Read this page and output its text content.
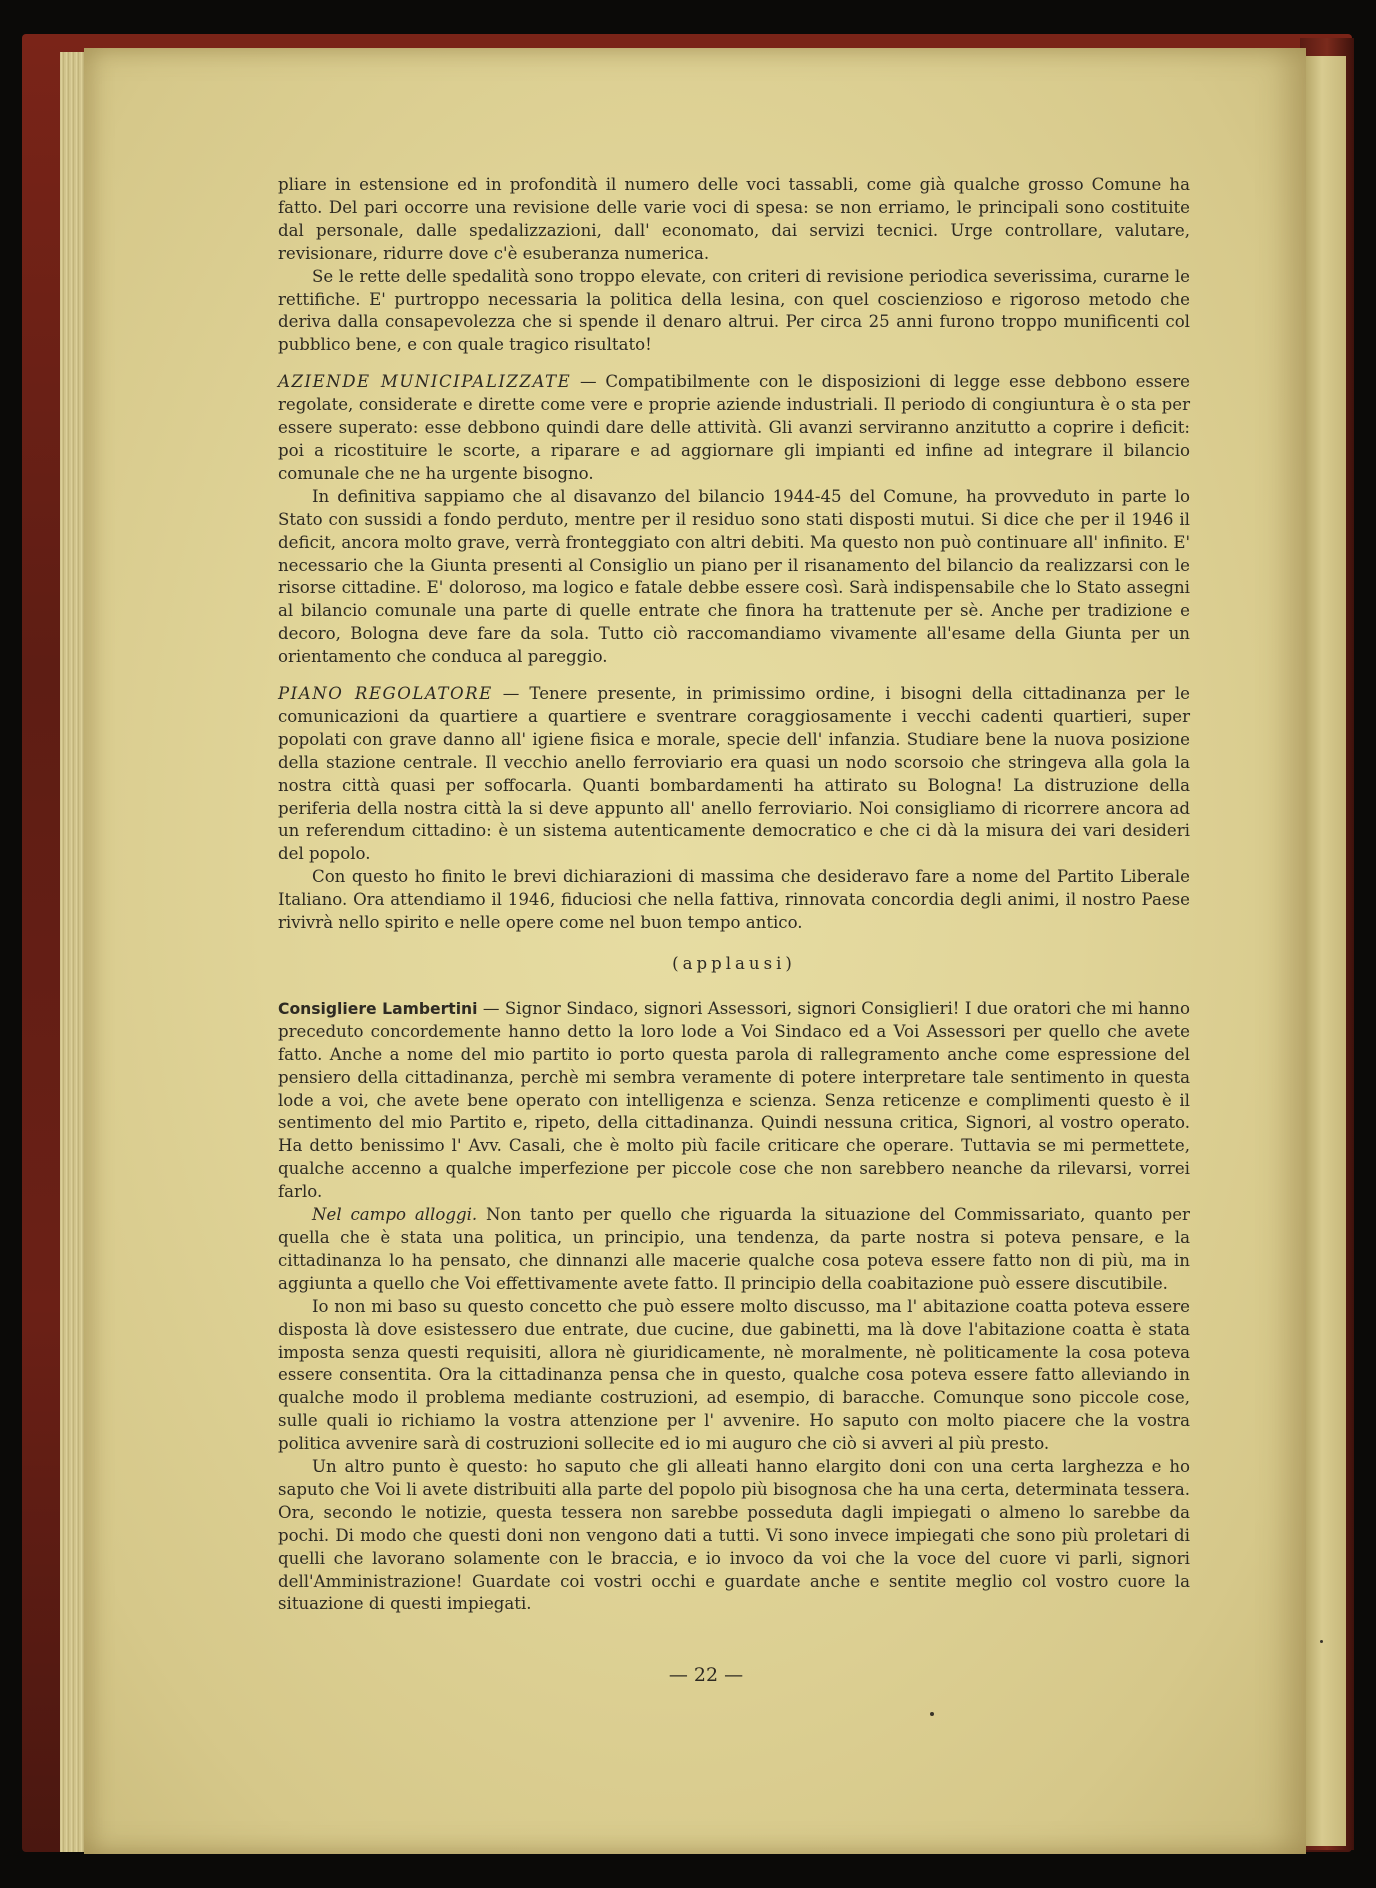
pliare in estensione ed in profondità il numero delle voci tassabli, come già qualche grosso Comune ha fatto. Del pari occorre una revisione delle varie voci di spesa: se non erriamo, le principali sono costituite dal personale, dalle spedalizzazioni, dall' economato, dai servizi tecnici. Urge controllare, valutare, revisionare, ridurre dove c'è esuberanza numerica.

Se le rette delle spedalità sono troppo elevate, con criteri di revisione periodica severissima, curarne le rettifiche. E' purtroppo necessaria la politica della lesina, con quel coscienzioso e rigoroso metodo che deriva dalla consapevolezza che si spende il denaro altrui. Per circa 25 anni furono troppo munificenti col pubblico bene, e con quale tragico risultato!

AZIENDE MUNICIPALIZZATE — Compatibilmente con le disposizioni di legge esse debbono essere regolate, considerate e dirette come vere e proprie aziende industriali. Il periodo di congiuntura è o sta per essere superato: esse debbono quindi dare delle attività. Gli avanzi serviranno anzitutto a coprire i deficit: poi a ricostituire le scorte, a riparare e ad aggiornare gli impianti ed infine ad integrare il bilancio comunale che ne ha urgente bisogno.

In definitiva sappiamo che al disavanzo del bilancio 1944-45 del Comune, ha provveduto in parte lo Stato con sussidi a fondo perduto, mentre per il residuo sono stati disposti mutui. Si dice che per il 1946 il deficit, ancora molto grave, verrà fronteggiato con altri debiti. Ma questo non può continuare all' infinito. E' necessario che la Giunta presenti al Consiglio un piano per il risanamento del bilancio da realizzarsi con le risorse cittadine. E' doloroso, ma logico e fatale debbe essere così. Sarà indispensabile che lo Stato assegni al bilancio comunale una parte di quelle entrate che finora ha trattenute per sè. Anche per tradizione e decoro, Bologna deve fare da sola. Tutto ciò raccomandiamo vivamente all'esame della Giunta per un orientamento che conduca al pareggio.

PIANO REGOLATORE — Tenere presente, in primissimo ordine, i bisogni della cittadinanza per le comunicazioni da quartiere a quartiere e sventrare coraggiosamente i vecchi cadenti quartieri, super popolati con grave danno all' igiene fisica e morale, specie dell' infanzia. Studiare bene la nuova posizione della stazione centrale. Il vecchio anello ferroviario era quasi un nodo scorsoio che stringeva alla gola la nostra città quasi per soffocarla. Quanti bombardamenti ha attirato su Bologna! La distruzione della periferia della nostra città la si deve appunto all' anello ferroviario. Noi consigliamo di ricorrere ancora ad un referendum cittadino: è un sistema autenticamente democratico e che ci dà la misura dei vari desideri del popolo.

Con questo ho finito le brevi dichiarazioni di massima che desideravo fare a nome del Partito Liberale Italiano. Ora attendiamo il 1946, fiduciosi che nella fattiva, rinnovata concordia degli animi, il nostro Paese rivivrà nello spirito e nelle opere come nel buon tempo antico.

(applausi)

Consigliere Lambertini — Signor Sindaco, signori Assessori, signori Consiglieri! I due oratori che mi hanno preceduto concordemente hanno detto la loro lode a Voi Sindaco ed a Voi Assessori per quello che avete fatto. Anche a nome del mio partito io porto questa parola di rallegramento anche come espressione del pensiero della cittadinanza, perchè mi sembra veramente di potere interpretare tale sentimento in questa lode a voi, che avete bene operato con intelligenza e scienza. Senza reticenze e complimenti questo è il sentimento del mio Partito e, ripeto, della cittadinanza. Quindi nessuna critica, Signori, al vostro operato. Ha detto benissimo l' Avv. Casali, che è molto più facile criticare che operare. Tuttavia se mi permettete, qualche accenno a qualche imperfezione per piccole cose che non sarebbero neanche da rilevarsi, vorrei farlo.

Nel campo alloggi. Non tanto per quello che riguarda la situazione del Commissariato, quanto per quella che è stata una politica, un principio, una tendenza, da parte nostra si poteva pensare, e la cittadinanza lo ha pensato, che dinnanzi alle macerie qualche cosa poteva essere fatto non di più, ma in aggiunta a quello che Voi effettivamente avete fatto. Il principio della coabitazione può essere discutibile.

Io non mi baso su questo concetto che può essere molto discusso, ma l' abitazione coatta poteva essere disposta là dove esistessero due entrate, due cucine, due gabinetti, ma là dove l'abitazione coatta è stata imposta senza questi requisiti, allora nè giuridicamente, nè moralmente, nè politicamente la cosa poteva essere consentita. Ora la cittadinanza pensa che in questo, qualche cosa poteva essere fatto alleviando in qualche modo il problema mediante costruzioni, ad esempio, di baracche. Comunque sono piccole cose, sulle quali io richiamo la vostra attenzione per l' avvenire. Ho saputo con molto piacere che la vostra politica avvenire sarà di costruzioni sollecite ed io mi auguro che ciò si avveri al più presto.

Un altro punto è questo: ho saputo che gli alleati hanno elargito doni con una certa larghezza e ho saputo che Voi li avete distribuiti alla parte del popolo più bisognosa che ha una certa, determinata tessera. Ora, secondo le notizie, questa tessera non sarebbe posseduta dagli impiegati o almeno lo sarebbe da pochi. Di modo che questi doni non vengono dati a tutti. Vi sono invece impiegati che sono più proletari di quelli che lavorano solamente con le braccia, e io invoco da voi che la voce del cuore vi parli, signori dell'Amministrazione! Guardate coi vostri occhi e guardate anche e sentite meglio col vostro cuore la situazione di questi impiegati.

— 22 —
